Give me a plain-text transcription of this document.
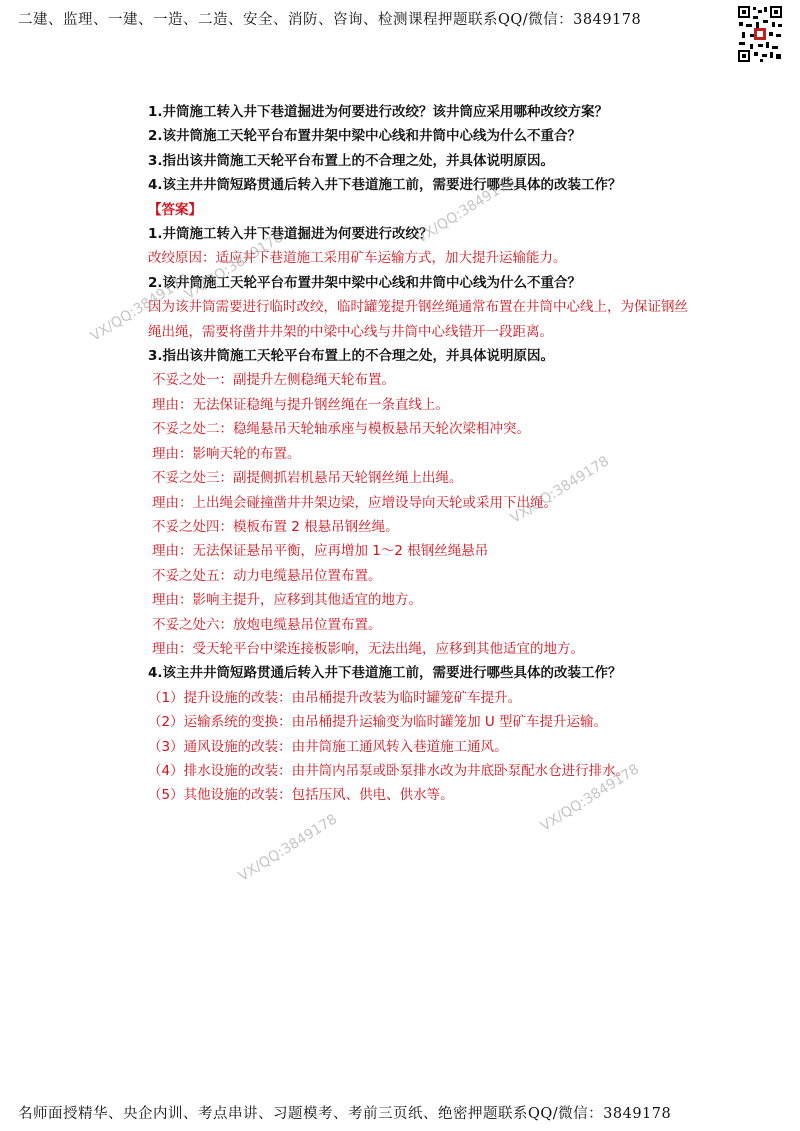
二建、监理、一建、一造、二造、安全、消防、咨询、检测课程押题联系QQ/微信：3849178
1.井筒施工转入井下巷道掘进为何要进行改绞？该井筒应采用哪种改绞方案？
2.该井筒施工天轮平台布置井架中梁中心线和井筒中心线为什么不重合？
3.指出该井筒施工天轮平台布置上的不合理之处，并具体说明原因。
4.该主井井筒短路贯通后转入井下巷道施工前，需要进行哪些具体的改装工作？
【答案】
1.井筒施工转入井下巷道掘进为何要进行改绞？
改绞原因：适应井下巷道施工采用矿车运输方式，加大提升运输能力。
2.该井筒施工天轮平台布置井架中梁中心线和井筒中心线为什么不重合？
因为该井筒需要进行临时改绞，临时罐笼提升钢丝绳通常布置在井筒中心线上，为保证钢丝绳出绳，需要将凿井井架的中梁中心线与井筒中心线错开一段距离。
3.指出该井筒施工天轮平台布置上的不合理之处，并具体说明原因。
不妥之处一：副提升左侧稳绳天轮布置。
理由：无法保证稳绳与提升钢丝绳在一条直线上。
不妥之处二：稳绳悬吊天轮轴承座与模板悬吊天轮次梁相冲突。
理由：影响天轮的布置。
不妥之处三：副提侧抓岩机悬吊天轮钢丝绳上出绳。
理由：上出绳会碰撞凿井井架边梁，应增设导向天轮或采用下出绳。
不妥之处四：模板布置 2 根悬吊钢丝绳。
理由：无法保证悬吊平衡，应再增加 1～2 根钢丝绳悬吊
不妥之处五：动力电缆悬吊位置布置。
理由：影响主提升，应移到其他适宜的地方。
不妥之处六：放炮电缆悬吊位置布置。
理由：受天轮平台中梁连接板影响，无法出绳，应移到其他适宜的地方。
4.该主井井筒短路贯通后转入井下巷道施工前，需要进行哪些具体的改装工作？
（1）提升设施的改装：由吊桶提升改装为临时罐笼矿车提升。
（2）运输系统的变换：由吊桶提升运输变为临时罐笼加 U 型矿车提升运输。
（3）通风设施的改装：由井筒施工通风转入巷道施工通风。
（4）排水设施的改装：由井筒内吊泵或卧泵排水改为井底卧泵配水仓进行排水。
（5）其他设施的改装：包括压风、供电、供水等。
VX/QQ:3849178
VX/QQ:3849178
VX/QQ:3849178
VX/QQ:3849178
VX/QQ:3849178
VX/QQ:3849178
名师面授精华、央企内训、考点串讲、习题模考、考前三页纸、绝密押题联系QQ/微信：3849178
